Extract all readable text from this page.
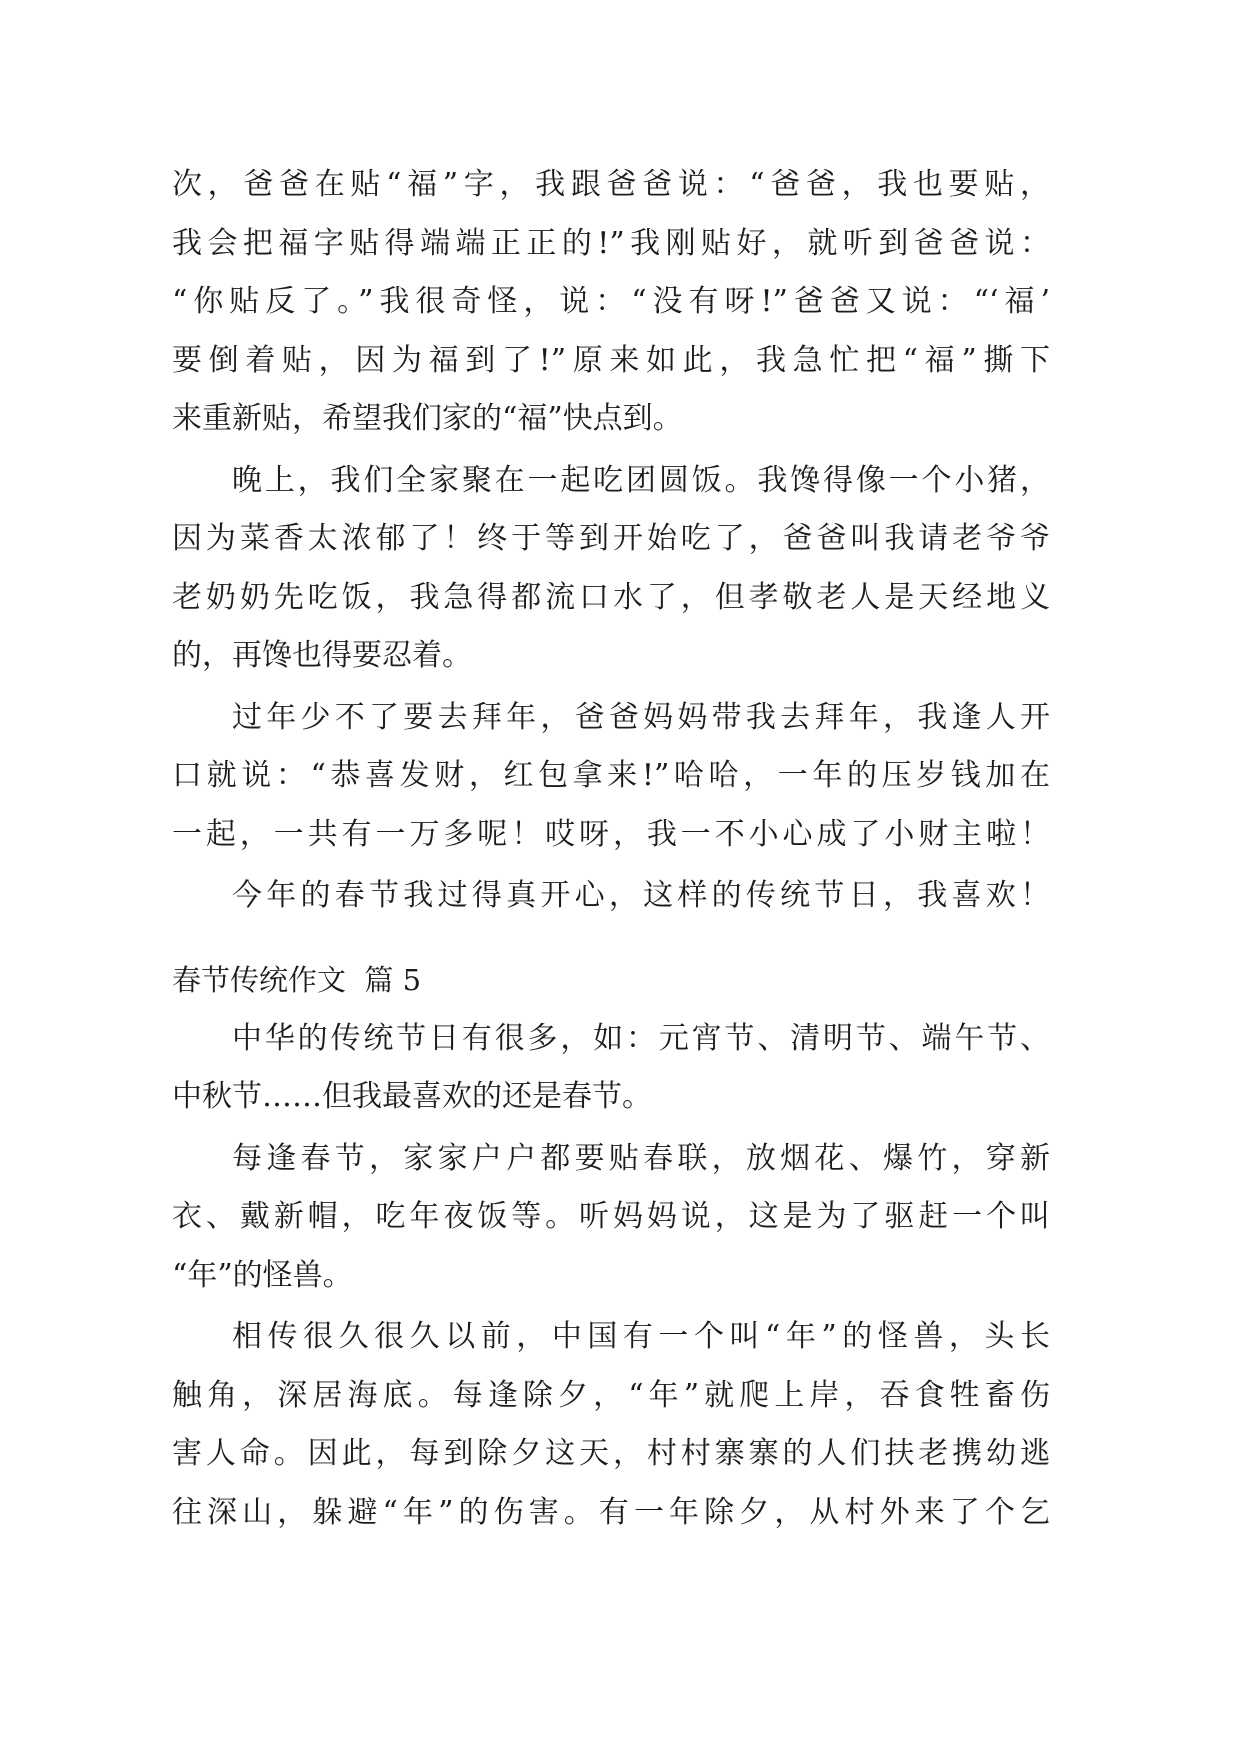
次，爸爸在贴“福”字，我跟爸爸说：“爸爸，我也要贴，
我会把福字贴得端端正正的!”我刚贴好，就听到爸爸说：
“你贴反了。”我很奇怪，说：“没有呀!”爸爸又说：“‘福’
要倒着贴，因为福到了!”原来如此，我急忙把“福”撕下
来重新贴，希望我们家的“福”快点到。
晚上，我们全家聚在一起吃团圆饭。我馋得像一个小猪，
因为菜香太浓郁了！终于等到开始吃了，爸爸叫我请老爷爷
老奶奶先吃饭，我急得都流口水了，但孝敬老人是天经地义
的，再馋也得要忍着。
过年少不了要去拜年，爸爸妈妈带我去拜年，我逢人开
口就说：“恭喜发财，红包拿来!”哈哈，一年的压岁钱加在
一起，一共有一万多呢！哎呀，我一不小心成了小财主啦！
今年的春节我过得真开心，这样的传统节日，我喜欢！
春节传统作文  篇 5
中华的传统节日有很多，如：元宵节、清明节、端午节、
中秋节……但我最喜欢的还是春节。
每逢春节，家家户户都要贴春联，放烟花、爆竹，穿新
衣、戴新帽，吃年夜饭等。听妈妈说，这是为了驱赶一个叫
“年”的怪兽。
相传很久很久以前，中国有一个叫“年”的怪兽，头长
触角，深居海底。每逢除夕，“年”就爬上岸，吞食牲畜伤
害人命。因此，每到除夕这天，村村寨寨的人们扶老携幼逃
往深山，躲避“年”的伤害。有一年除夕，从村外来了个乞
